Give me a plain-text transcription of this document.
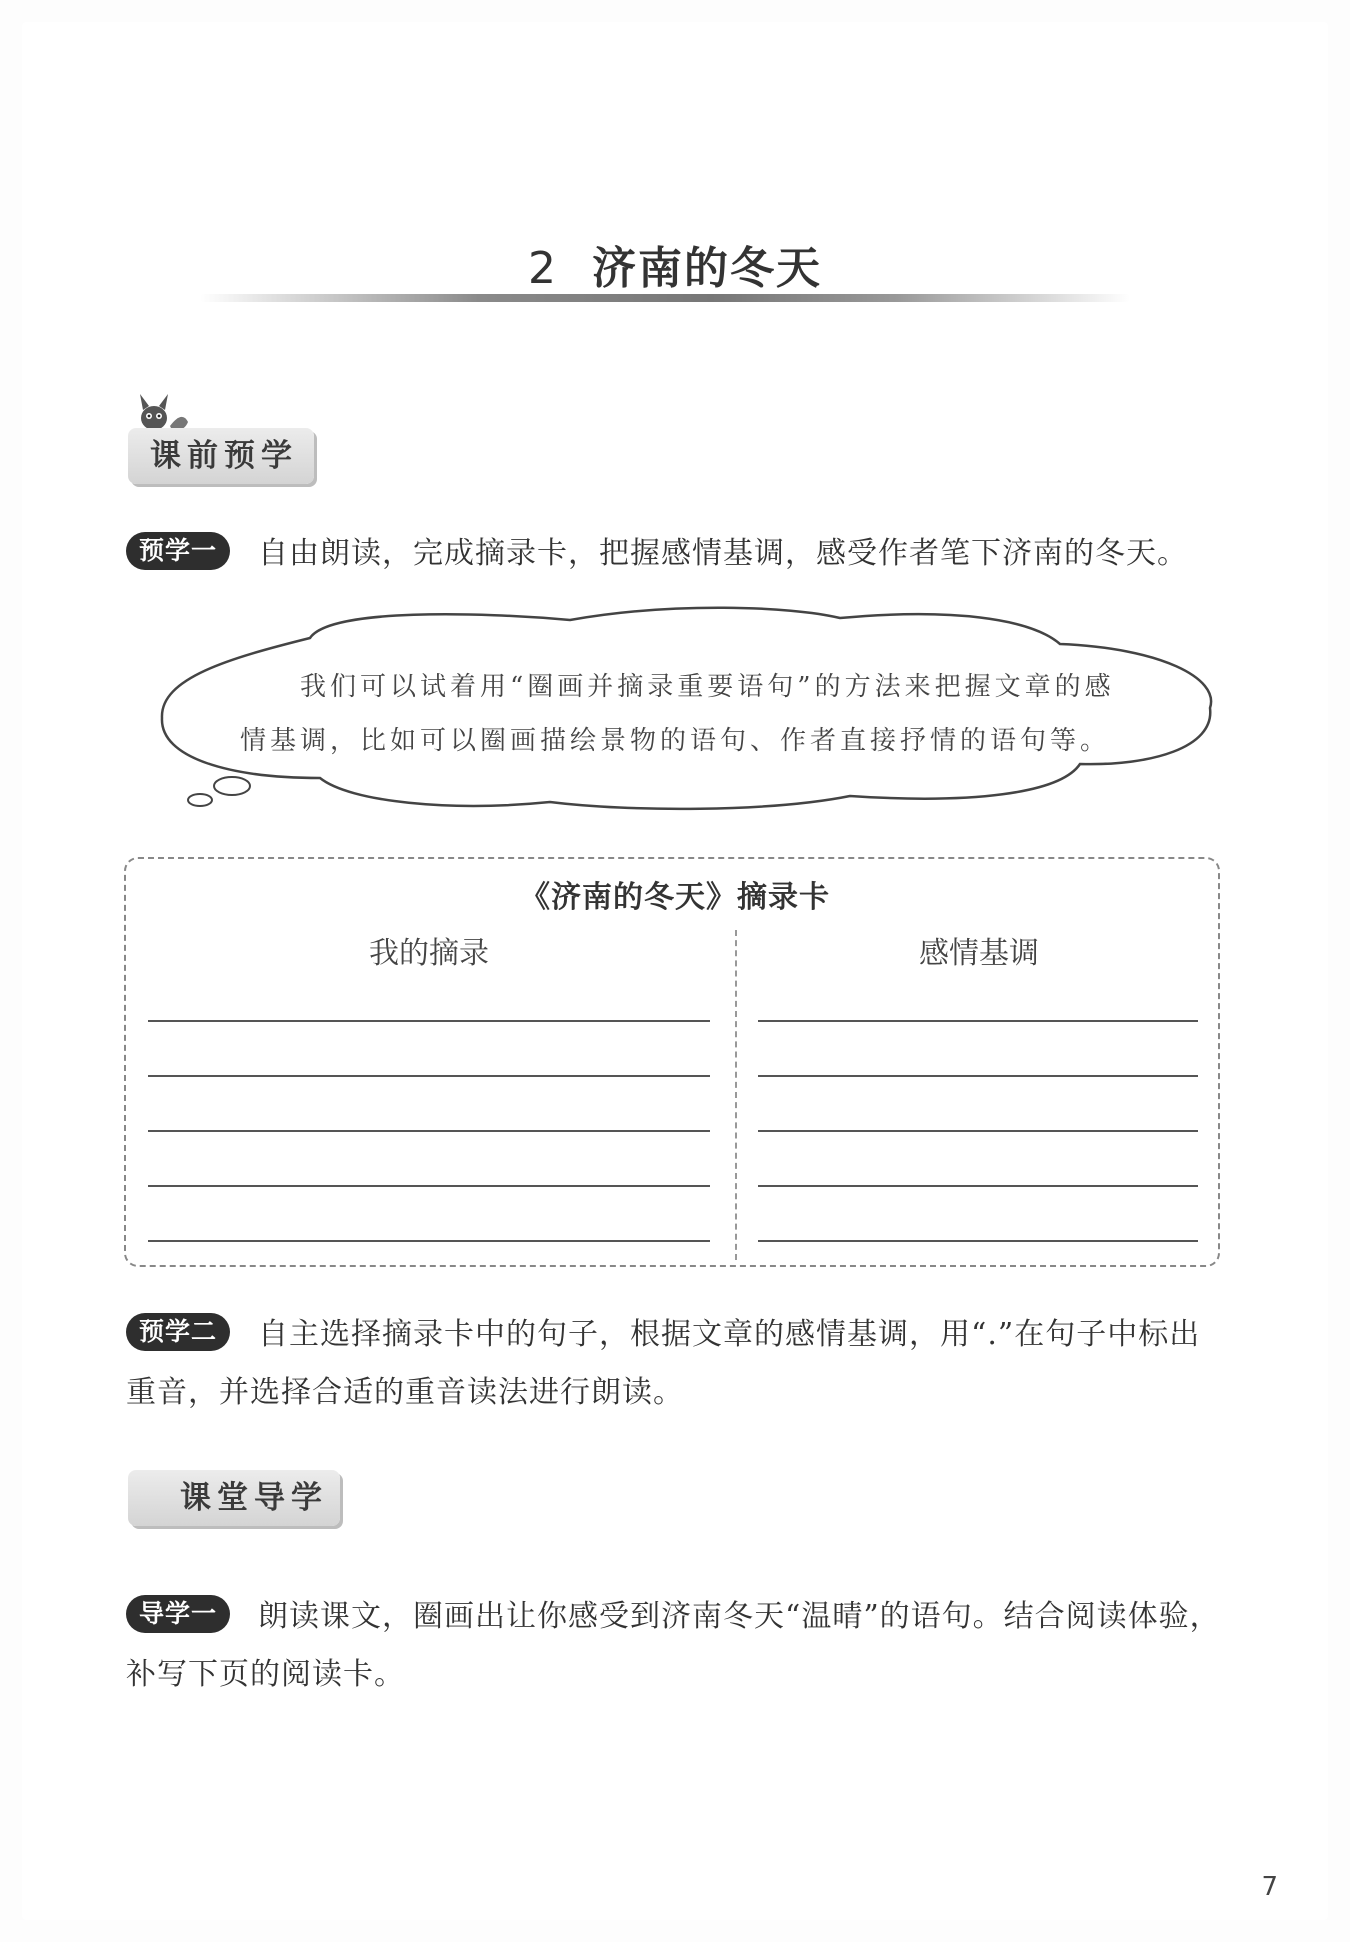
2 济南的冬天
课前预学
预学一 自由朗读，完成摘录卡，把握感情基调，感受作者笔下济南的冬天。
我们可以试着用“圈画并摘录重要语句”的方法来把握文章的感
情基调，比如可以圈画描绘景物的语句、作者直接抒情的语句等。
《济南的冬天》摘录卡
我的摘录	感情基调
预学二 自主选择摘录卡中的句子，根据文章的感情基调，用“.”在句子中标出重音，并选择合适的重音读法进行朗读。
课堂导学
导学一 朗读课文，圈画出让你感受到济南冬天“温晴”的语句。结合阅读体验，补写下页的阅读卡。
7
